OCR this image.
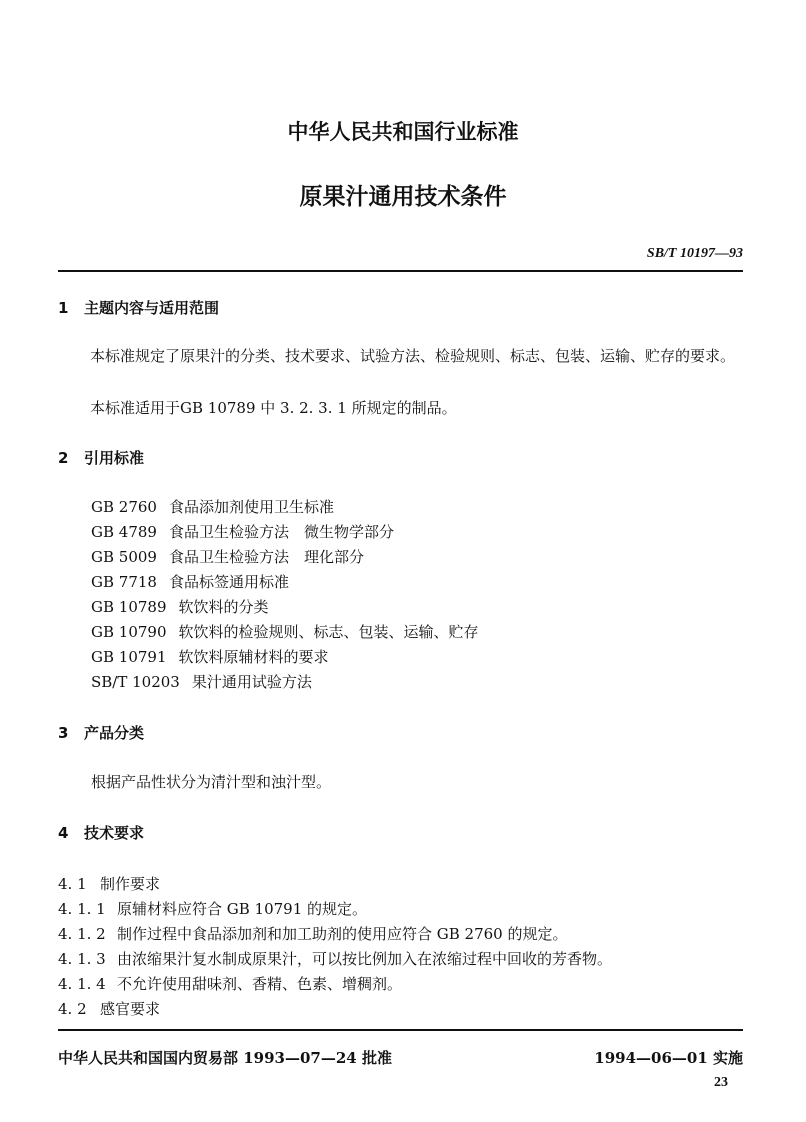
中华人民共和国行业标准
原果汁通用技术条件
SB/T 10197—93
1 主题内容与适用范围
本标准规定了原果汁的分类、技术要求、试验方法、检验规则、标志、包装、运输、贮存的要求。
本标准适用于GB 10789 中 3. 2. 3. 1 所规定的制品。
2 引用标准
GB 2760 食品添加剂使用卫生标准
GB 4789 食品卫生检验方法　微生物学部分
GB 5009 食品卫生检验方法　理化部分
GB 7718 食品标签通用标准
GB 10789 软饮料的分类
GB 10790 软饮料的检验规则、标志、包装、运输、贮存
GB 10791 软饮料原辅材料的要求
SB/T 10203 果汁通用试验方法
3 产品分类
根据产品性状分为清汁型和浊汁型。
4 技术要求
4. 1 制作要求
4. 1. 1 原辅材料应符合 GB 10791 的规定。
4. 1. 2 制作过程中食品添加剂和加工助剂的使用应符合 GB 2760 的规定。
4. 1. 3 由浓缩果汁复水制成原果汁，可以按比例加入在浓缩过程中回收的芳香物。
4. 1. 4 不允许使用甜味剂、香精、色素、增稠剂。
4. 2 感官要求
中华人民共和国国内贸易部 1993—07—24 批准	1994—06—01 实施
23
